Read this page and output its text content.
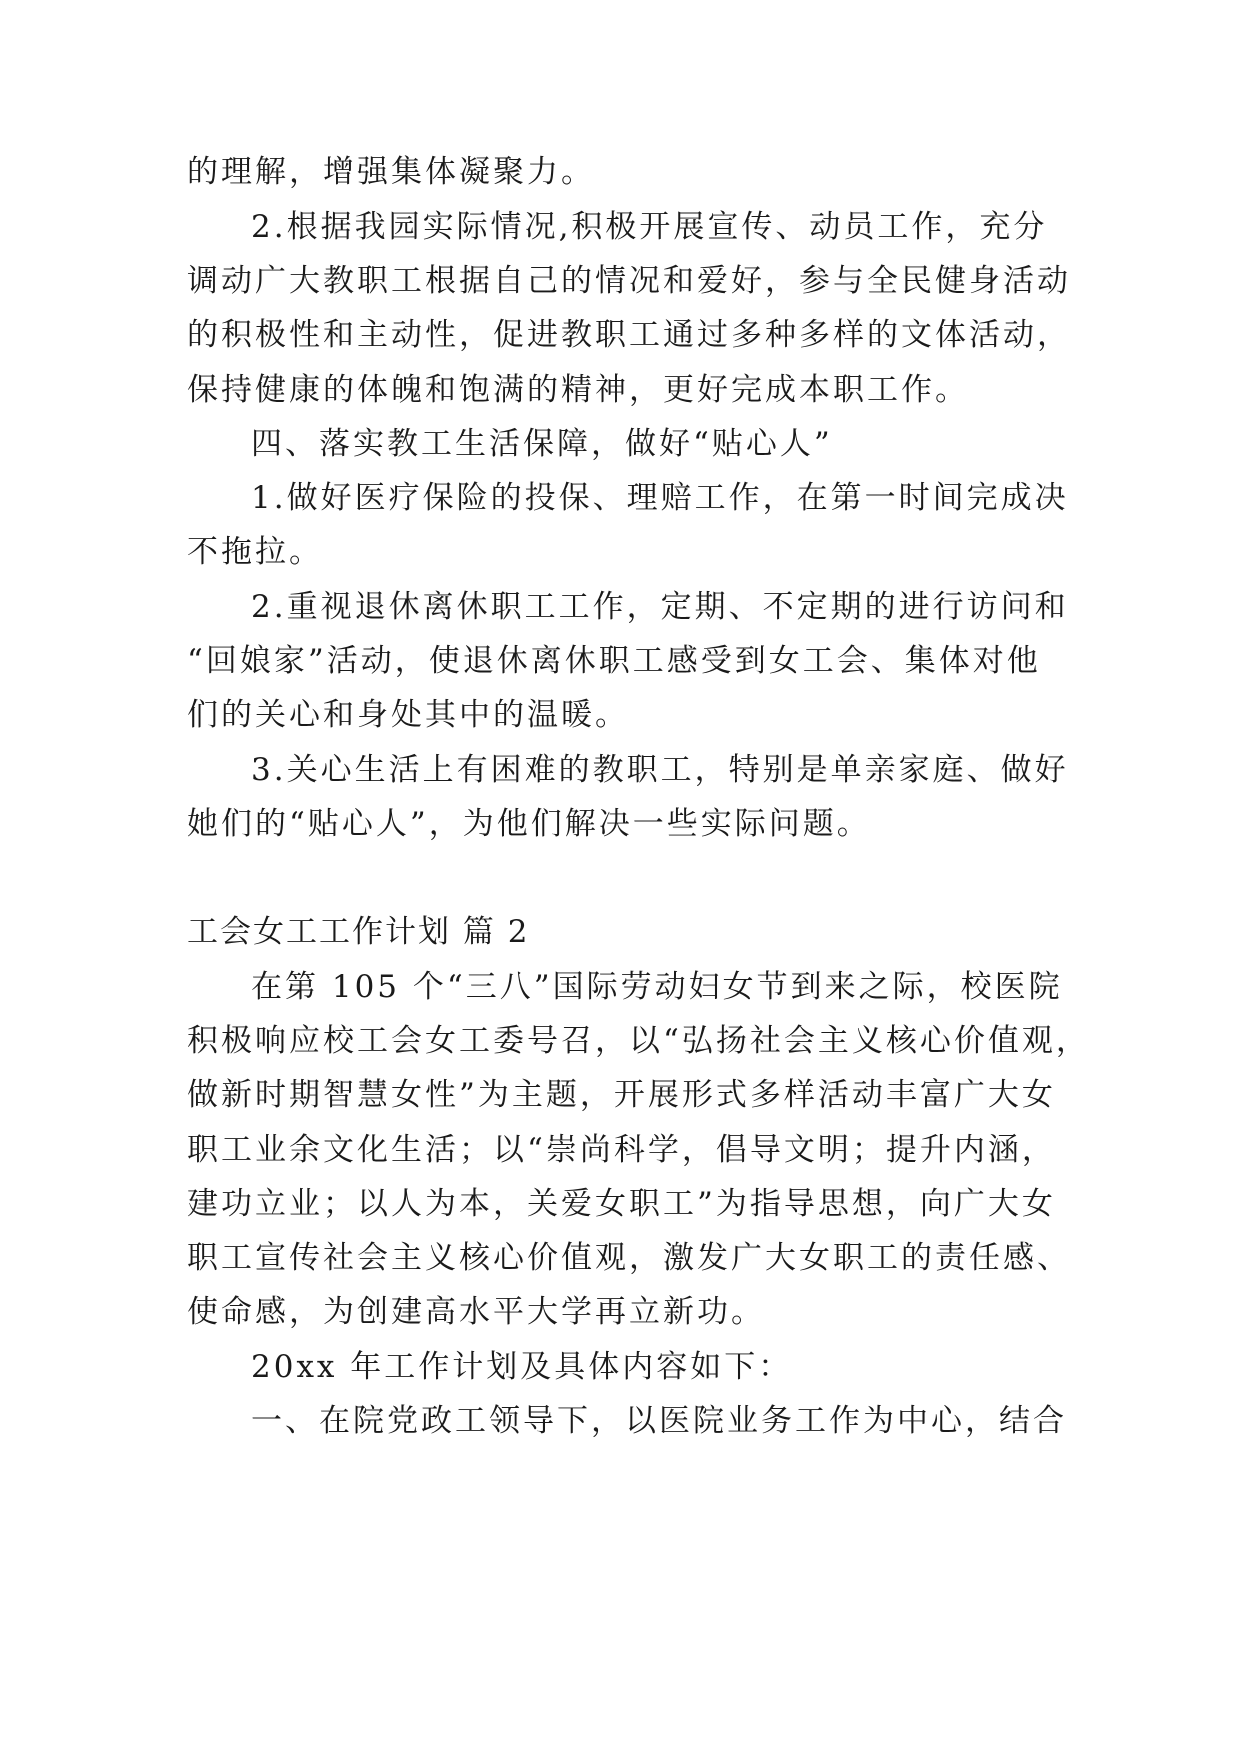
的理解，增强集体凝聚力。
2.根据我园实际情况,积极开展宣传、动员工作，充分
调动广大教职工根据自己的情况和爱好，参与全民健身活动
的积极性和主动性，促进教职工通过多种多样的文体活动，
保持健康的体魄和饱满的精神，更好完成本职工作。
四、落实教工生活保障，做好“贴心人”
1.做好医疗保险的投保、理赔工作，在第一时间完成决
不拖拉。
2.重视退休离休职工工作，定期、不定期的进行访问和
“回娘家”活动，使退休离休职工感受到女工会、集体对他
们的关心和身处其中的温暖。
3.关心生活上有困难的教职工，特别是单亲家庭、做好
她们的“贴心人”，为他们解决一些实际问题。
工会女工工作计划 篇 2
在第 105 个“三八”国际劳动妇女节到来之际，校医院
积极响应校工会女工委号召，以“弘扬社会主义核心价值观，
做新时期智慧女性”为主题，开展形式多样活动丰富广大女
职工业余文化生活；以“崇尚科学，倡导文明；提升内涵，
建功立业；以人为本，关爱女职工”为指导思想，向广大女
职工宣传社会主义核心价值观，激发广大女职工的责任感、
使命感，为创建高水平大学再立新功。
20xx 年工作计划及具体内容如下：
一、在院党政工领导下，以医院业务工作为中心，结合
